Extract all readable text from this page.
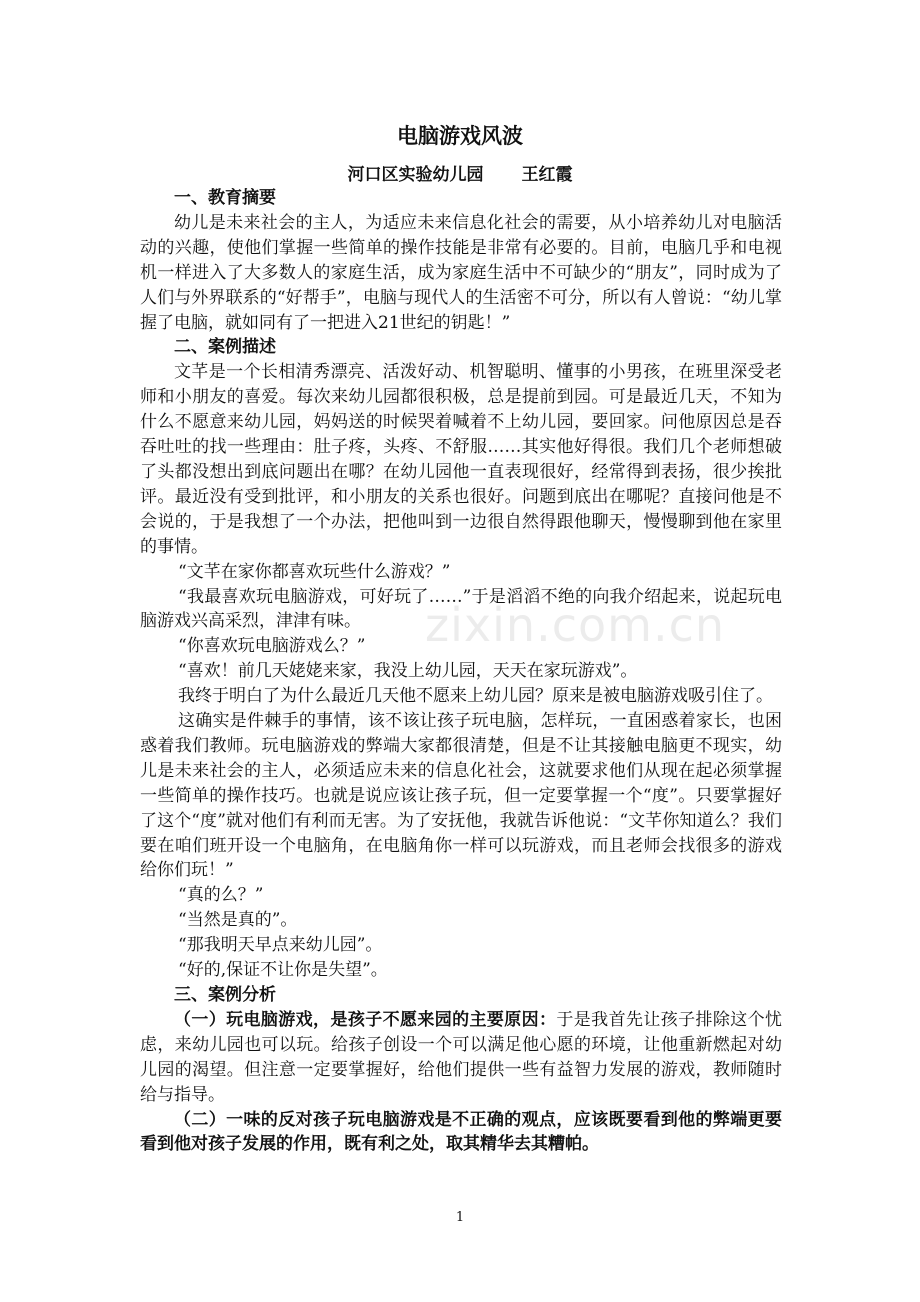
电脑游戏风波
河口区实验幼儿园 王红霞

一、教育摘要

幼儿是未来社会的主人，为适应未来信息化社会的需要，从小培养幼儿对电脑活动的兴趣，使他们掌握一些简单的操作技能是非常有必要的。目前，电脑几乎和电视机一样进入了大多数人的家庭生活，成为家庭生活中不可缺少的“朋友”，同时成为了人们与外界联系的“好帮手”，电脑与现代人的生活密不可分，所以有人曾说：“幼儿掌握了电脑，就如同有了一把进入21世纪的钥匙！”

二、案例描述

文芊是一个长相清秀漂亮、活泼好动、机智聪明、懂事的小男孩，在班里深受老师和小朋友的喜爱。每次来幼儿园都很积极，总是提前到园。可是最近几天，不知为什么不愿意来幼儿园，妈妈送的时候哭着喊着不上幼儿园，要回家。问他原因总是吞吞吐吐的找一些理由：肚子疼，头疼、不舒服……其实他好得很。我们几个老师想破了头都没想出到底问题出在哪？在幼儿园他一直表现很好，经常得到表扬，很少挨批评。最近没有受到批评，和小朋友的关系也很好。问题到底出在哪呢？直接问他是不会说的，于是我想了一个办法，把他叫到一边很自然得跟他聊天，慢慢聊到他在家里的事情。

“文芊在家你都喜欢玩些什么游戏？”

“我最喜欢玩电脑游戏，可好玩了……”于是滔滔不绝的向我介绍起来，说起玩电脑游戏兴高采烈，津津有味。

“你喜欢玩电脑游戏么？”

“喜欢！前几天姥姥来家，我没上幼儿园，天天在家玩游戏”。

我终于明白了为什么最近几天他不愿来上幼儿园？原来是被电脑游戏吸引住了。

这确实是件棘手的事情，该不该让孩子玩电脑，怎样玩，一直困惑着家长，也困惑着我们教师。玩电脑游戏的弊端大家都很清楚，但是不让其接触电脑更不现实，幼儿是未来社会的主人，必须适应未来的信息化社会，这就要求他们从现在起必须掌握一些简单的操作技巧。也就是说应该让孩子玩，但一定要掌握一个“度”。只要掌握好了这个“度”就对他们有利而无害。为了安抚他，我就告诉他说：“文芊你知道么？我们要在咱们班开设一个电脑角，在电脑角你一样可以玩游戏，而且老师会找很多的游戏给你们玩！”

“真的么？”

“当然是真的”。

“那我明天早点来幼儿园”。

“好的,保证不让你是失望”。

三、案例分析

（一）玩电脑游戏，是孩子不愿来园的主要原因：于是我首先让孩子排除这个忧虑，来幼儿园也可以玩。给孩子创设一个可以满足他心愿的环境，让他重新燃起对幼儿园的渴望。但注意一定要掌握好，给他们提供一些有益智力发展的游戏，教师随时给与指导。

（二）一味的反对孩子玩电脑游戏是不正确的观点，应该既要看到他的弊端更要看到他对孩子发展的作用，既有利之处，取其精华去其糟帕。

zixin.com.cn
1
